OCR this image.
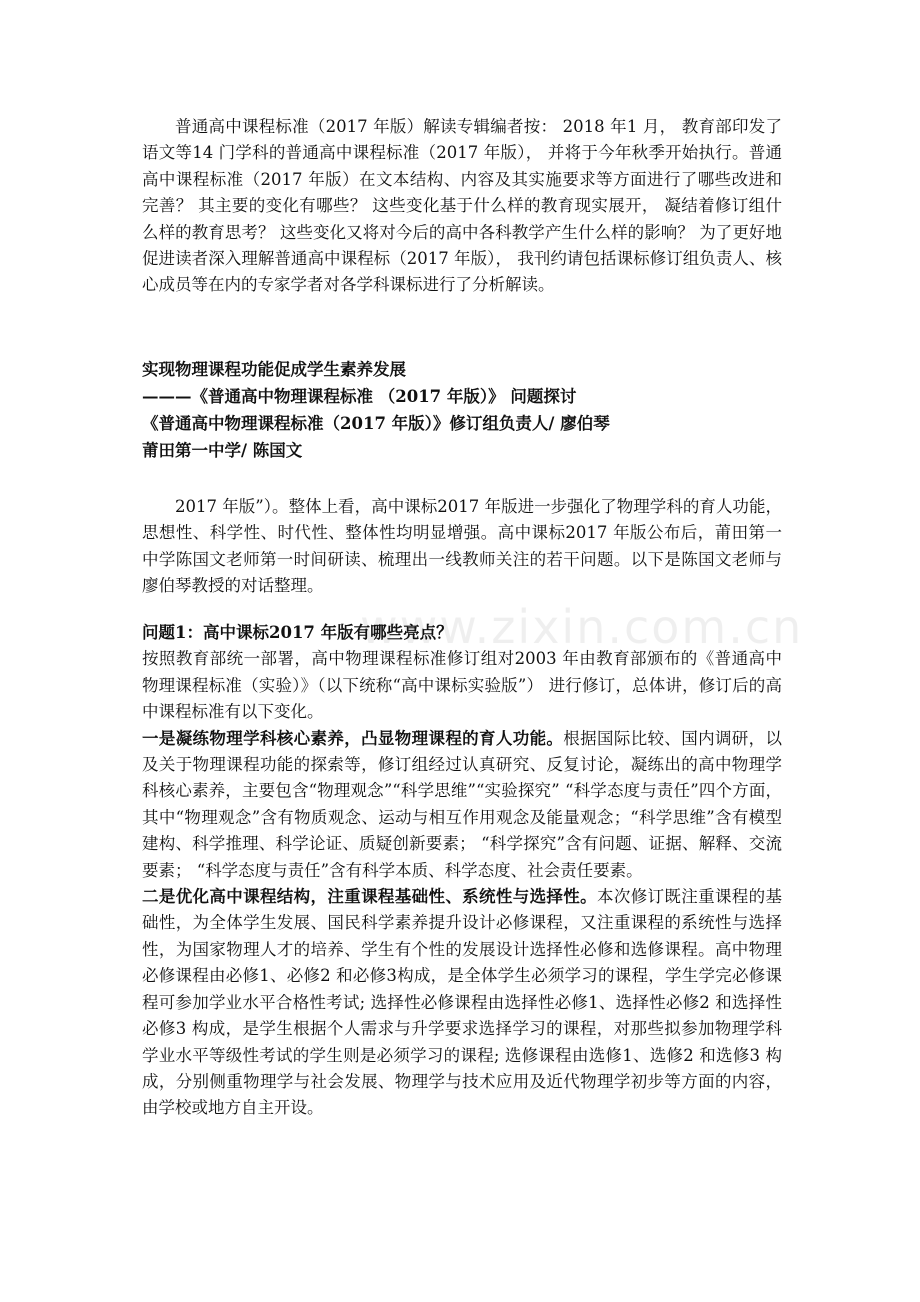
普通高中课程标准（2017 年版）解读专辑编者按： 2018 年1 月， 教育部印发了语文等14 门学科的普通高中课程标准（2017 年版）， 并将于今年秋季开始执行。普通高中课程标准（2017 年版）在文本结构、内容及其实施要求等方面进行了哪些改进和完善？ 其主要的变化有哪些？ 这些变化基于什么样的教育现实展开， 凝结着修订组什么样的教育思考？ 这些变化又将对今后的高中各科教学产生什么样的影响？ 为了更好地促进读者深入理解普通高中课程标（2017 年版）， 我刊约请包括课标修订组负责人、核心成员等在内的专家学者对各学科课标进行了分析解读。
实现物理课程功能促成学生素养发展
———《普通高中物理课程标准 （2017 年版）》 问题探讨
《普通高中物理课程标准（2017 年版）》修订组负责人/ 廖伯琴
莆田第一中学/ 陈国文
2017 年版”）。整体上看，高中课标2017 年版进一步强化了物理学科的育人功能，思想性、科学性、时代性、整体性均明显增强。高中课标2017 年版公布后，莆田第一中学陈国文老师第一时间研读、梳理出一线教师关注的若干问题。以下是陈国文老师与廖伯琴教授的对话整理。

问题1：高中课标2017 年版有哪些亮点？

按照教育部统一部署，高中物理课程标准修订组对2003 年由教育部颁布的《普通高中物理课程标准（实验）》（以下统称“高中课标实验版”） 进行修订，总体讲，修订后的高中课程标准有以下变化。

一是凝练物理学科核心素养，凸显物理课程的育人功能。根据国际比较、国内调研，以及关于物理课程功能的探索等，修订组经过认真研究、反复讨论，凝练出的高中物理学科核心素养，主要包含“物理观念”“科学思维”“实验探究” “科学态度与责任”四个方面，其中“物理观念”含有物质观念、运动与相互作用观念及能量观念；“科学思维”含有模型建构、科学推理、科学论证、质疑创新要素； “科学探究”含有问题、证据、解释、交流要素； “科学态度与责任”含有科学本质、科学态度、社会责任要素。

二是优化高中课程结构，注重课程基础性、系统性与选择性。本次修订既注重课程的基础性，为全体学生发展、国民科学素养提升设计必修课程，又注重课程的系统性与选择性，为国家物理人才的培养、学生有个性的发展设计选择性必修和选修课程。高中物理必修课程由必修1、必修2 和必修3构成，是全体学生必须学习的课程，学生学完必修课程可参加学业水平合格性考试; 选择性必修课程由选择性必修1、选择性必修2 和选择性必修3 构成，是学生根据个人需求与升学要求选择学习的课程，对那些拟参加物理学科学业水平等级性考试的学生则是必须学习的课程; 选修课程由选修1、选修2 和选修3 构成，分别侧重物理学与社会发展、物理学与技术应用及近代物理学初步等方面的内容，由学校或地方自主开设。

www.zixin.com.cn
